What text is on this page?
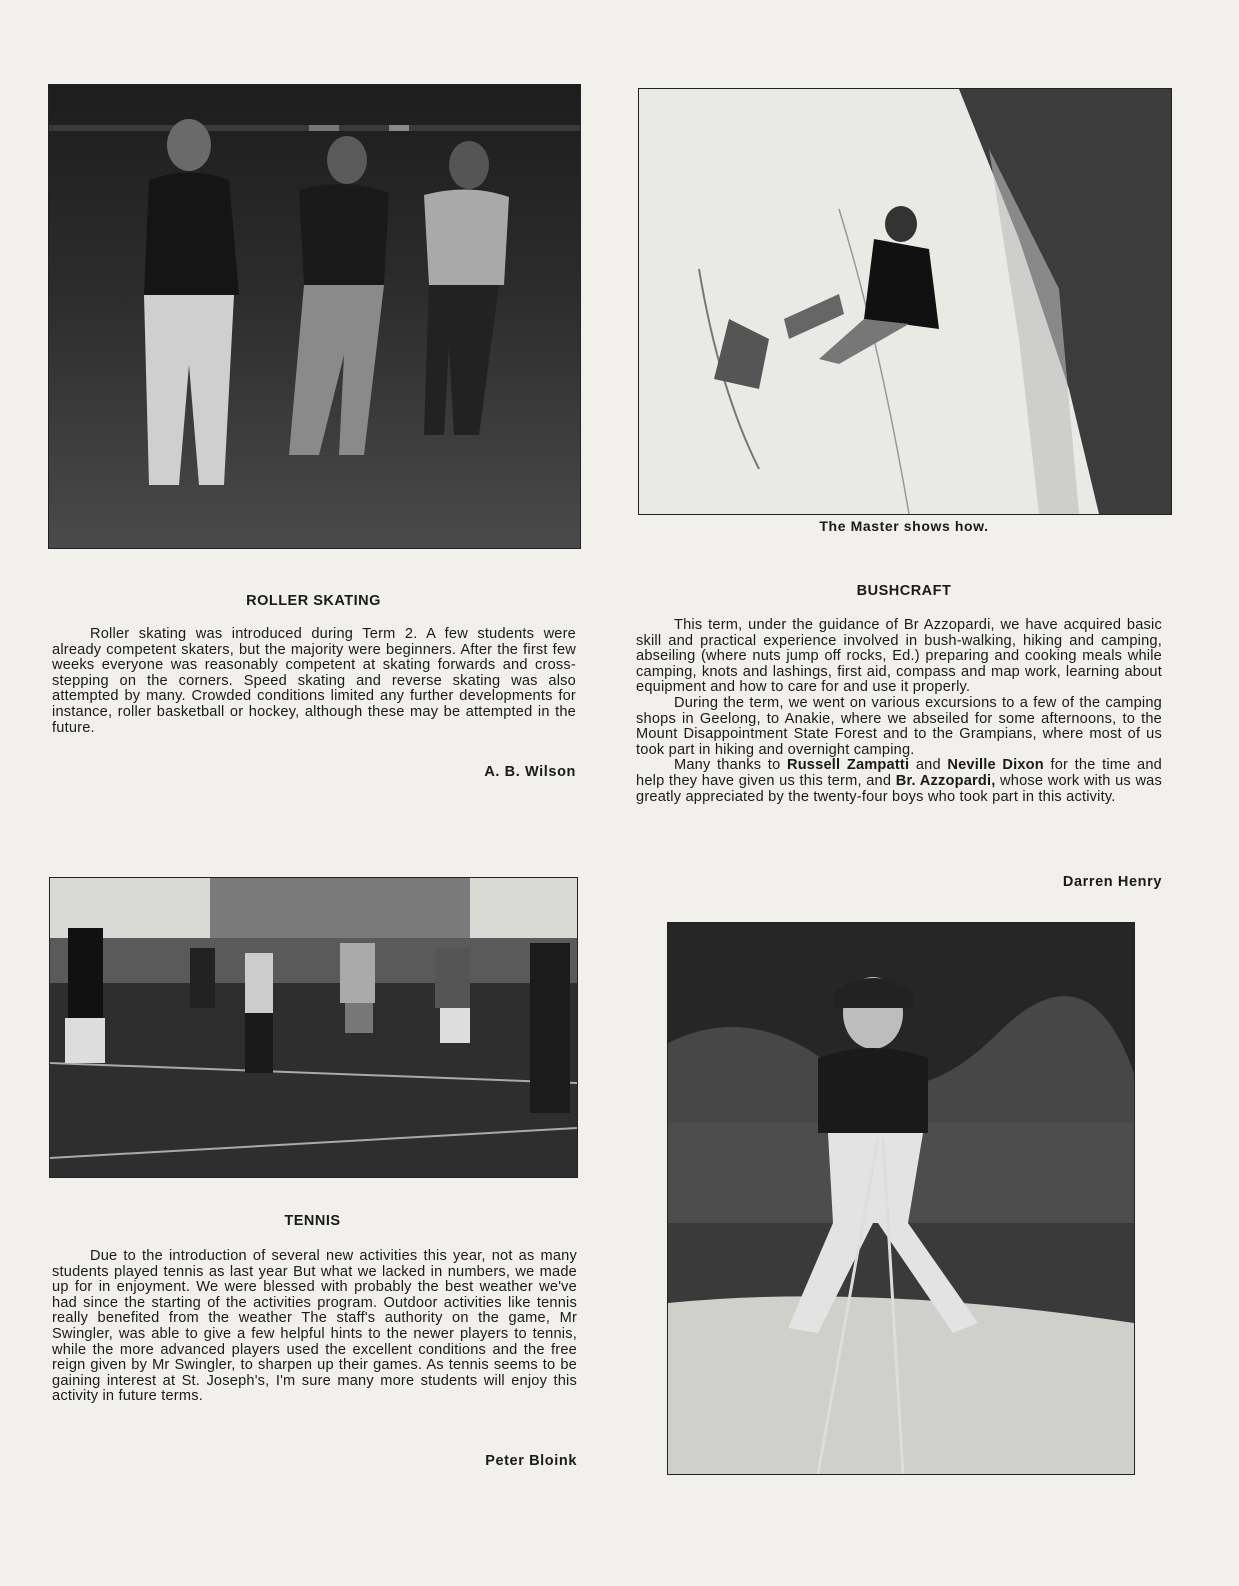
The Master shows how.
ROLLER SKATING

Roller skating was introduced during Term 2. A few students were already competent skaters, but the majority were beginners. After the first few weeks everyone was reasonably competent at skating forwards and cross-stepping on the corners. Speed skating and reverse skating was also attempted by many. Crowded conditions limited any further developments for instance, roller basketball or hockey, although these may be attempted in the future.

A. B. Wilson
BUSHCRAFT

This term, under the guidance of Br Azzopardi, we have acquired basic skill and practical experience involved in bush-walking, hiking and camping, abseiling (where nuts jump off rocks, Ed.) preparing and cooking meals while camping, knots and lashings, first aid, compass and map work, learning about equipment and how to care for and use it properly.

During the term, we went on various excursions to a few of the camping shops in Geelong, to Anakie, where we abseiled for some afternoons, to the Mount Disappointment State Forest and to the Grampians, where most of us took part in hiking and overnight camping.

Many thanks to Russell Zampatti and Neville Dixon for the time and help they have given us this term, and Br. Azzopardi, whose work with us was greatly appreciated by the twenty-four boys who took part in this activity.

Darren Henry
TENNIS

Due to the introduction of several new activities this year, not as many students played tennis as last year But what we lacked in numbers, we made up for in enjoyment. We were blessed with probably the best weather we've had since the starting of the activities program. Outdoor activities like tennis really benefited from the weather The staff's authority on the game, Mr Swingler, was able to give a few helpful hints to the newer players to tennis, while the more advanced players used the excellent conditions and the free reign given by Mr Swingler, to sharpen up their games. As tennis seems to be gaining interest at St. Joseph's, I'm sure many more students will enjoy this activity in future terms.

Peter Bloink
